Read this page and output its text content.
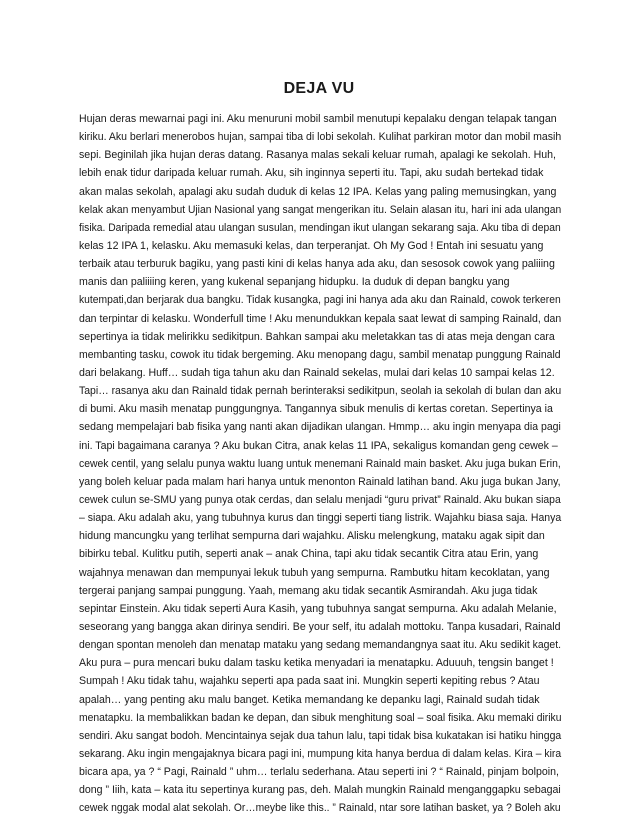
DEJA VU
Hujan deras mewarnai pagi ini. Aku menuruni mobil sambil menutupi kepalaku dengan telapak tangan
kiriku. Aku berlari menerobos hujan, sampai tiba di lobi sekolah. Kulihat parkiran motor dan mobil masih
sepi. Beginilah jika hujan deras datang. Rasanya malas sekali keluar rumah, apalagi ke sekolah. Huh,
lebih enak tidur daripada keluar rumah. Aku, sih inginnya seperti itu. Tapi, aku sudah bertekad tidak
akan malas sekolah, apalagi aku sudah duduk di kelas 12 IPA. Kelas yang paling memusingkan, yang
kelak akan menyambut Ujian Nasional yang sangat mengerikan itu. Selain alasan itu, hari ini ada ulangan
fisika. Daripada remedial atau ulangan susulan, mendingan ikut ulangan sekarang saja. Aku tiba di depan
kelas 12 IPA 1, kelasku. Aku memasuki kelas, dan terperanjat. Oh My God ! Entah ini sesuatu yang
terbaik atau terburuk bagiku, yang pasti kini di kelas hanya ada aku, dan sesosok cowok yang paliiing
manis dan paliiiing keren, yang kukenal sepanjang hidupku. Ia duduk di depan bangku yang
kutempati,dan berjarak dua bangku. Tidak kusangka, pagi ini hanya ada aku dan Rainald, cowok terkeren
dan terpintar di kelasku. Wonderfull time ! Aku menundukkan kepala saat lewat di samping Rainald, dan
sepertinya ia tidak melirikku sedikitpun. Bahkan sampai aku meletakkan tas di atas meja dengan cara
membanting tasku, cowok itu tidak bergeming. Aku menopang dagu, sambil menatap punggung Rainald
dari belakang. Huff… sudah tiga tahun aku dan Rainald sekelas, mulai dari kelas 10 sampai kelas 12.
Tapi… rasanya aku dan Rainald tidak pernah berinteraksi sedikitpun, seolah ia sekolah di bulan dan aku
di bumi. Aku masih menatap punggungnya. Tangannya sibuk menulis di kertas coretan. Sepertinya ia
sedang mempelajari bab fisika yang nanti akan dijadikan ulangan. Hmmp… aku ingin menyapa dia pagi
ini. Tapi bagaimana caranya ? Aku bukan Citra, anak kelas 11 IPA, sekaligus komandan geng cewek –
cewek centil, yang selalu punya waktu luang untuk menemani Rainald main basket. Aku juga bukan Erin,
yang boleh keluar pada malam hari hanya untuk menonton Rainald latihan band. Aku juga bukan Jany,
cewek culun se-SMU yang punya otak cerdas, dan selalu menjadi “guru privat” Rainald. Aku bukan siapa
– siapa. Aku adalah aku, yang tubuhnya kurus dan tinggi seperti tiang listrik. Wajahku biasa saja. Hanya
hidung mancungku yang terlihat sempurna dari wajahku. Alisku melengkung, mataku agak sipit dan
bibirku tebal. Kulitku putih, seperti anak – anak China, tapi aku tidak secantik Citra atau Erin, yang
wajahnya menawan dan mempunyai lekuk tubuh yang sempurna. Rambutku hitam kecoklatan, yang
tergerai panjang sampai punggung. Yaah, memang aku tidak secantik Asmirandah. Aku juga tidak
sepintar Einstein. Aku tidak seperti Aura Kasih, yang tubuhnya sangat sempurna. Aku adalah Melanie,
seseorang yang bangga akan dirinya sendiri. Be your self, itu adalah mottoku. Tanpa kusadari, Rainald
dengan spontan menoleh dan menatap mataku yang sedang memandangnya saat itu. Aku sedikit kaget.
Aku pura – pura mencari buku dalam tasku ketika menyadari ia menatapku. Aduuuh, tengsin banget !
Sumpah ! Aku tidak tahu, wajahku seperti apa pada saat ini. Mungkin seperti kepiting rebus ? Atau
apalah… yang penting aku malu banget. Ketika memandang ke depanku lagi, Rainald sudah tidak
menatapku. Ia membalikkan badan ke depan, dan sibuk menghitung soal – soal fisika. Aku memaki diriku
sendiri. Aku sangat bodoh. Mencintainya sejak dua tahun lalu, tapi tidak bisa kukatakan isi hatiku hingga
sekarang. Aku ingin mengajaknya bicara pagi ini, mumpung kita hanya berdua di dalam kelas. Kira – kira
bicara apa, ya ? “ Pagi, Rainald ” uhm… terlalu sederhana. Atau seperti ini ? “ Rainald, pinjam bolpoin,
dong ” Iiih, kata – kata itu sepertinya kurang pas, deh. Malah mungkin Rainald menganggapku sebagai
cewek nggak modal alat sekolah. Or…meybe like this.. ” Rainald, ntar sore latihan basket, ya ? Boleh aku
